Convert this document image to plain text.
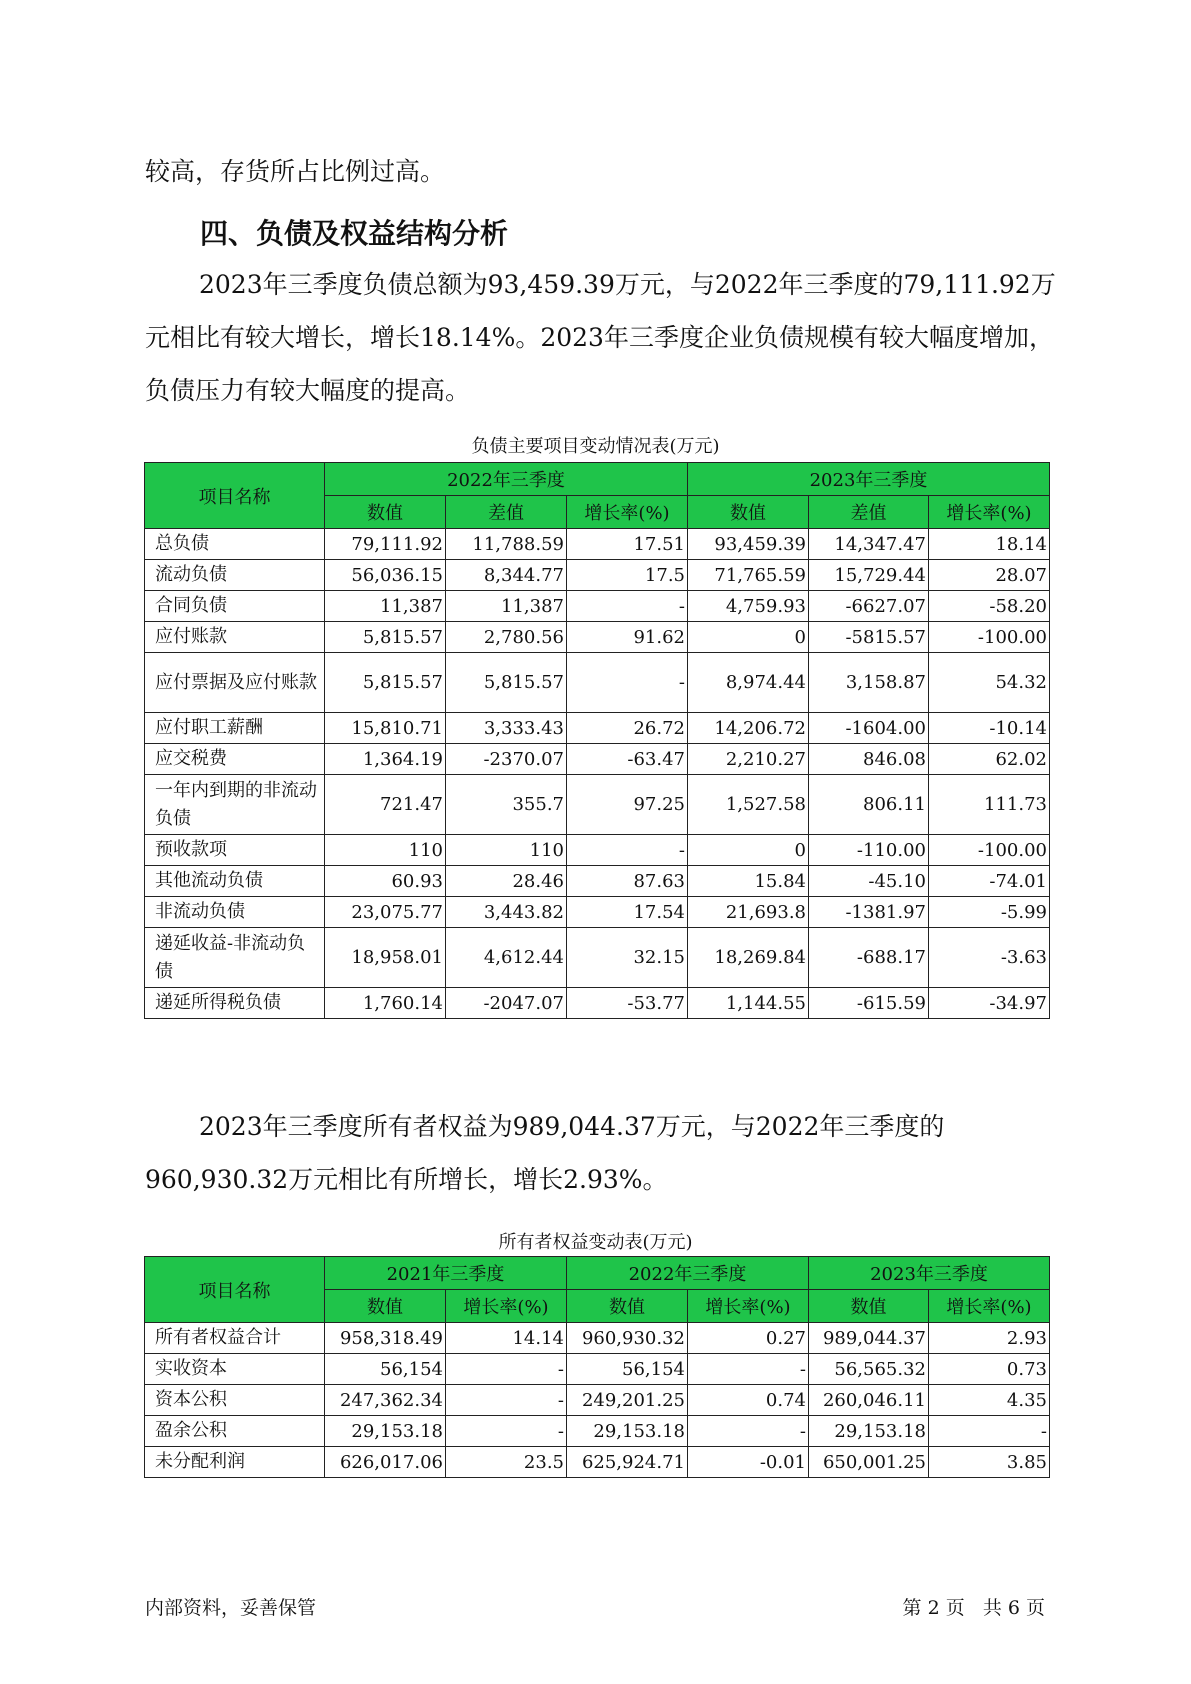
较高，存货所占比例过高。
四、负债及权益结构分析
2023年三季度负债总额为93,459.39万元，与2022年三季度的79,111.92万元相比有较大增长，增长18.14%。2023年三季度企业负债规模有较大幅度增加，负债压力有较大幅度的提高。
负债主要项目变动情况表(万元)
项目名称	2022年三季度			2023年三季度		
	数值	差值	增长率(%)	数值	差值	增长率(%)
总负债	79,111.92	11,788.59	17.51	93,459.39	14,347.47	18.14
流动负债	56,036.15	8,344.77	17.5	71,765.59	15,729.44	28.07
合同负债	11,387	11,387	-	4,759.93	-6627.07	-58.20
应付账款	5,815.57	2,780.56	91.62	0	-5815.57	-100.00
应付票据及应付账款	5,815.57	5,815.57	-	8,974.44	3,158.87	54.32
应付职工薪酬	15,810.71	3,333.43	26.72	14,206.72	-1604.00	-10.14
应交税费	1,364.19	-2370.07	-63.47	2,210.27	846.08	62.02
一年内到期的非流动负债	721.47	355.7	97.25	1,527.58	806.11	111.73
预收款项	110	110	-	0	-110.00	-100.00
其他流动负债	60.93	28.46	87.63	15.84	-45.10	-74.01
非流动负债	23,075.77	3,443.82	17.54	21,693.8	-1381.97	-5.99
递延收益-非流动负债	18,958.01	4,612.44	32.15	18,269.84	-688.17	-3.63
递延所得税负债	1,760.14	-2047.07	-53.77	1,144.55	-615.59	-34.97
2023年三季度所有者权益为989,044.37万元，与2022年三季度的960,930.32万元相比有所增长，增长2.93%。
所有者权益变动表(万元)
项目名称	2021年三季度		2022年三季度		2023年三季度	
	数值	增长率(%)	数值	增长率(%)	数值	增长率(%)
所有者权益合计	958,318.49	14.14	960,930.32	0.27	989,044.37	2.93
实收资本	56,154	-	56,154	-	56,565.32	0.73
资本公积	247,362.34	-	249,201.25	0.74	260,046.11	4.35
盈余公积	29,153.18	-	29,153.18	-	29,153.18	-
未分配利润	626,017.06	23.5	625,924.71	-0.01	650,001.25	3.85
内部资料，妥善保管	第 2 页   共 6 页
